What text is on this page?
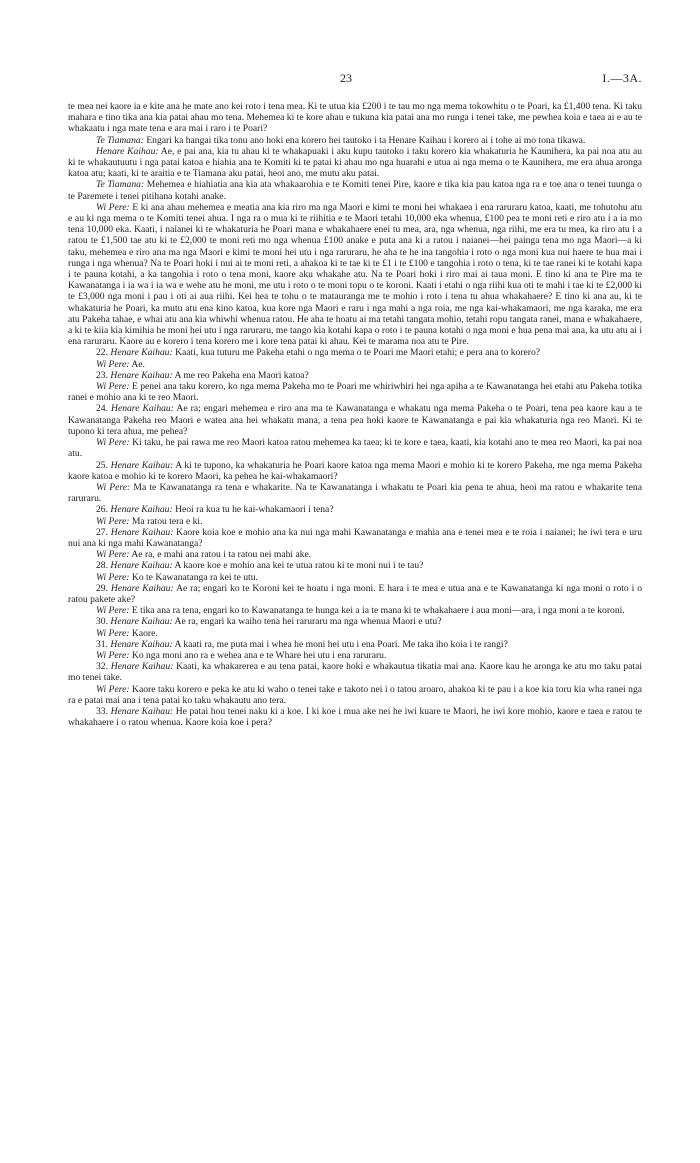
23	I.—3A.

te mea nei kaore ia e kite ana he mate ano kei roto i tena mea. Ki te utua kia £200 i te tau mo nga mema tokowhitu o te Poari, ka £1,400 tena. Ki taku mahara e tino tika ana kia patai ahau mo tena. Mehemea ki te kore ahau e tukuna kia patai ana mo runga i tenei take, me pewhea koia e taea ai e au te whakaatu i nga mate tena e ara mai i raro i te Poari?

Te Tiamana: Engari ka hangai tika tonu ano hoki ena korero hei tautoko i ta Henare Kaihau i korero ai i tohe ai mo tona tikawa.

Henare Kaihau: Ae, e pai ana, kia tu ahau ki te whakapuaki i aku kupu tautoko i taku korero kia whakaturia he Kaunihera, ka pai noa atu au ki te whakautuutu i nga patai katoa e hiahia ana te Komiti ki te patai ki ahau mo nga huarahi e utua ai nga mema o te Kaunihera, me era ahua aronga katoa atu; kaati, ki te araitia e te Tiamana aku patai, heoi ano, me mutu aku patai.

Te Tiamana: Mehemea e hiahiatia ana kia ata whakaarohia e te Komiti tenei Pire, kaore e tika kia pau katoa nga ra e toe ana o tenei tuunga o te Paremete i tenei pitihana kotahi anake.

Wi Pere: E ki ana ahau mehemea e meatia ana kia riro ma nga Maori e kimi te moni hei whakaea i ena raruraru katoa, kaati, me tohutohu atu e au ki nga mema o te Komiti tenei ahua. I nga ra o mua ki te riihitia e te Maori tetahi 10,000 eka whenua, £100 pea te moni reti e riro atu i a ia mo tena 10,000 eka. Kaati, i naianei ki te whakaturia he Poari mana e whakahaere enei tu mea, ara, nga whenua, nga riihi, me era tu mea, ka riro atu i a ratou te £1,500 tae atu ki te £2,000 te moni reti mo nga whenua £100 anake e puta ana ki a ratou i naianei—hei painga tena mo nga Maori—a ki taku, mehemea e riro ana ma nga Maori e kimi te moni hei utu i nga raruraru, he aha te he ina tangohia i roto o nga moni kua nui haere te hua mai i runga i nga whenua? Na te Poari hoki i nui ai te moni reti, a ahakoa ki te tae ki te £1 i te £100 e tangohia i roto o tena, ki te tae ranei ki te kotahi kapa i te pauna kotahi, a ka tangohia i roto o tena moni, kaore aku whakahe atu. Na te Poari hoki i riro mai ai taua moni. E tino ki ana te Pire ma te Kawanatanga i ia wa i ia wa e wehe atu he moni, me utu i roto o te moni topu o te koroni. Kaati i etahi o nga riihi kua oti te mahi i tae ki te £2,000 ki te £3,000 nga moni i pau i oti ai aua riihi. Kei hea te tohu o te matauranga me te mohio i roto i tena tu ahua whakahaere? E tino ki ana au, ki te whakaturia he Poari, ka mutu atu ena kino katoa, kua kore nga Maori e raru i nga mahi a nga roia, me nga kai-whakamaori, me nga karaka, me era atu Pakeha tahae, e whai atu ana kia whiwhi whenua ratou. He aha te hoatu ai ma tetahi tangata mohio, tetahi ropu tangata ranei, mana e whakahaere, a ki te kiia kia kimihia he moni hei utu i nga raruraru, me tango kia kotahi kapa o roto i te pauna kotahi o nga moni e hua pena mai ana, ka utu atu ai i ena raruraru. Kaore au e korero i tena korero me i kore tena patai ki ahau. Kei te marama noa atu te Pire.

22. Henare Kaihau: Kaati, kua tuturu me Pakeha etahi o nga mema o te Poari me Maori etahi; e pera ana to korero?

Wi Pere: Ae.

23. Henare Kaihau: A me reo Pakeha ena Maori katoa?

Wi Pere: E penei ana taku korero, ko nga mema Pakeha mo te Poari me whiriwhiri hei nga apiha a te Kawanatanga hei etahi atu Pakeha totika ranei e mohio ana ki te reo Maori.

24. Henare Kaihau: Ae ra; engari mehemea e riro ana ma te Kawanatanga e whakatu nga mema Pakeha o te Poari, tena pea kaore kau a te Kawanatanga Pakeha reo Maori e watea ana hei whakatu mana, a tena pea hoki kaore te Kawanatanga e pai kia whakaturia nga reo Maori. Ki te tupono ki tera ahua, me pehea?

Wi Pere: Ki taku, he pai rawa me reo Maori katoa ratou mehemea ka taea; ki te kore e taea, kaati, kia kotahi ano te mea reo Maori, ka pai noa atu.

25. Henare Kaihau: A ki te tupono, ka whakaturia he Poari kaore katoa nga mema Maori e mohio ki te korero Pakeha, me nga mema Pakeha kaore katoa e mohio ki te korero Maori, ka pehea he kai-whakamaori?

Wi Pere: Ma te Kawanatanga ra tena e whakarite. Na te Kawanatanga i whakatu te Poari kia pena te ahua, heoi ma ratou e whakarite tena raruraru.

26. Henare Kaihau: Heoi ra kua tu he kai-whakamaori i tena?

Wi Pere: Ma ratou tera e ki.

27. Henare Kaihau: Kaore koia koe e mohio ana ka nui nga mahi Kawanatanga e mahia ana e tenei mea e te roia i naianei; he iwi tera e uru nui ana ki nga mahi Kawanatanga?

Wi Pere: Ae ra, e mahi ana ratou i ta ratou nei mahi ake.

28. Henare Kaihau: A kaore koe e mohio ana kei te utua ratou ki te moni nui i te tau?

Wi Pere: Ko te Kawanatanga ra kei te utu.

29. Henare Kaihau: Ae ra; engari ko te Koroni kei te hoatu i nga moni. E hara i te mea e utua ana e te Kawanatanga ki nga moni o roto i o ratou pakete ake?

Wi Pere: E tika ana ra tena, engari ko to Kawanatanga te hunga kei a ia te mana ki te whakahaere i aua moni—ara, i nga moni a te koroni.

30. Henare Kaihau: Ae ra, engari ka waiho tena hei raruraru ma nga whenua Maori e utu?

Wi Pere: Kaore.

31. Henare Kaihau: A kaati ra, me puta mai i whea he moni hei utu i ena Poari. Me taka iho koia i te rangi?

Wi Pere: Ko nga moni ano ra e wehea ana e te Whare hei utu i ena raruraru.

32. Henare Kaihau: Kaati, ka whakarerea e au tena patai, kaore hoki e whakautua tikatia mai ana. Kaore kau he aronga ke atu mo taku patai mo tenei take.

Wi Pere: Kaore taku korero e peka ke atu ki waho o tenei take e takoto nei i o tatou aroaro, ahakoa ki te pau i a koe kia toru kia wha ranei nga ra e patai mai ana i tena patai ko taku whakautu ano tera.

33. Henare Kaihau: He patai hou tenei naku ki a koe. I ki koe i mua ake nei he iwi kuare te Maori, he iwi kore mohio, kaore e taea e ratou te whakahaere i o ratou whenua. Kaore koia koe i pera?
